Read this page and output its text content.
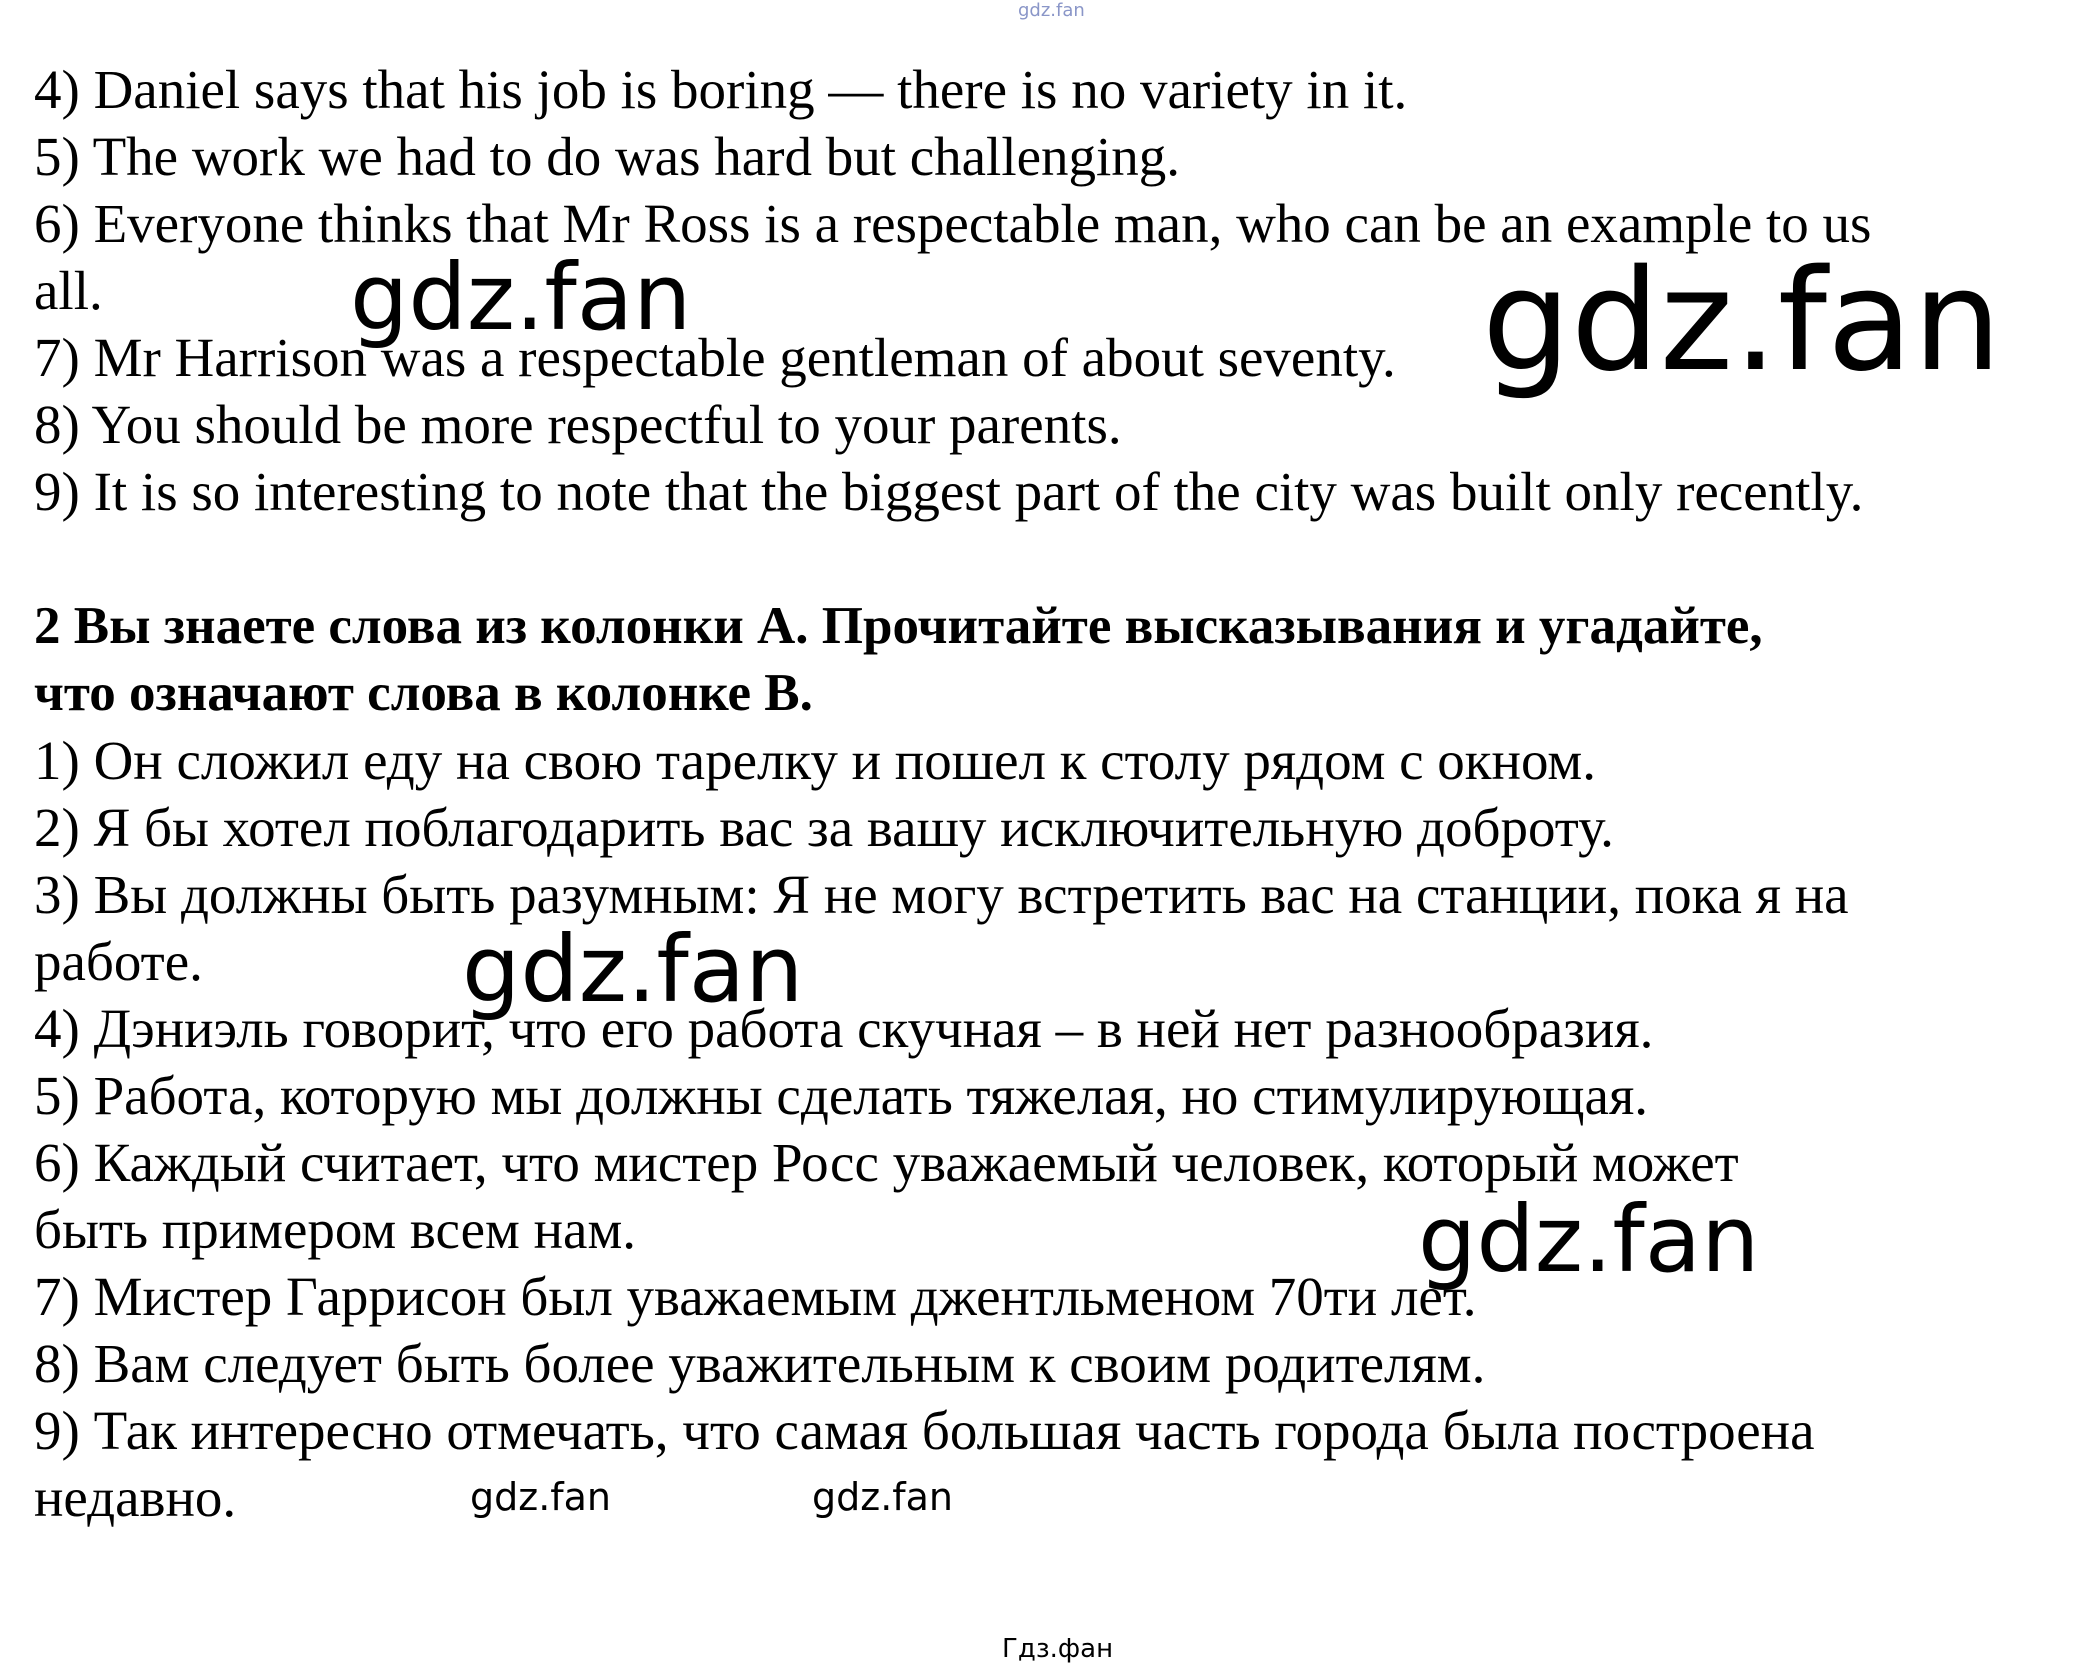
gdz.fan
4) Daniel says that his job is boring — there is no variety in it.
5) The work we had to do was hard but challenging.
6) Everyone thinks that Mr Ross is a respectable man, who can be an example to us
all.
7) Mr Harrison was a respectable gentleman of about seventy.
8) You should be more respectful to your parents.
9) It is so interesting to note that the biggest part of the city was built only recently.
2 Вы знаете слова из колонки А. Прочитайте высказывания и угадайте,
что означают слова в колонке В.
1) Он сложил еду на свою тарелку и пошел к столу рядом с окном.
2) Я бы хотел поблагодарить вас за вашу исключительную доброту.
3) Вы должны быть разумным: Я не могу встретить вас на станции, пока я на
работе.
4) Дэниэль говорит, что его работа скучная – в ней нет разнообразия.
5) Работа, которую мы должны сделать тяжелая, но стимулирующая.
6) Каждый считает, что мистер Росс уважаемый человек, который может
быть примером всем нам.
7) Мистер Гаррисон был уважаемым джентльменом 70ти лет.
8) Вам следует быть более уважительным к своим родителям.
9) Так интересно отмечать, что самая большая часть города была построена
недавно.
gdz.fan	gdz.fan
gdz.fan
gdz.fan
gdz.fan	gdz.fan
Гдз.фан
